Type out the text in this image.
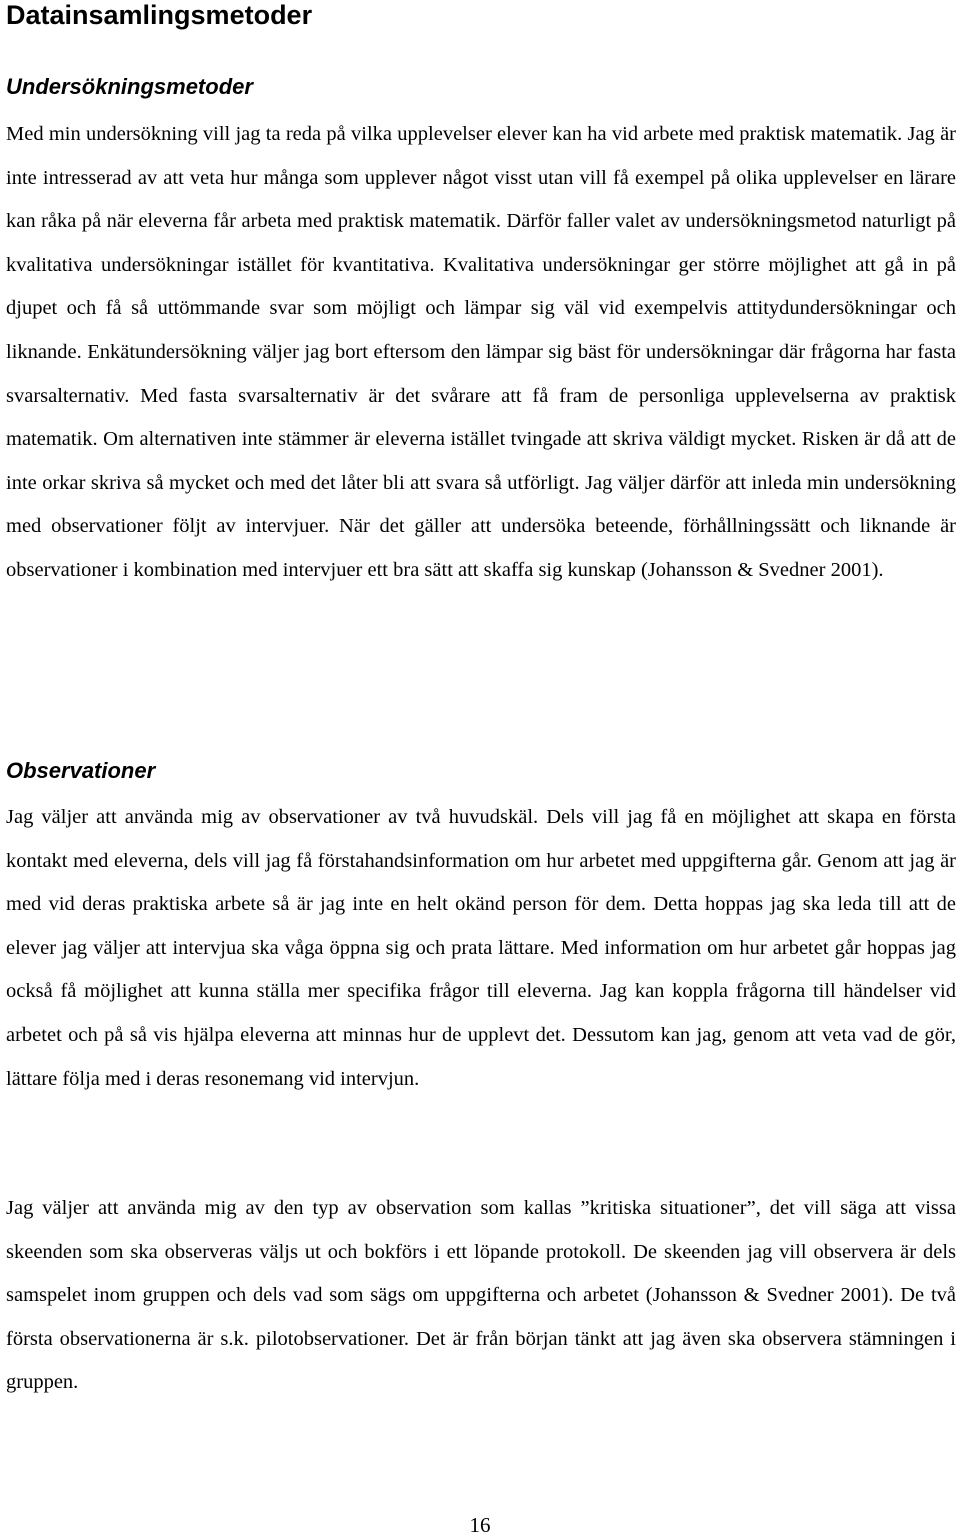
Datainsamlingsmetoder
Undersökningsmetoder

Med min undersökning vill jag ta reda på vilka upplevelser elever kan ha vid arbete med praktisk matematik. Jag är inte intresserad av att veta hur många som upplever något visst utan vill få exempel på olika upplevelser en lärare kan råka på när eleverna får arbeta med praktisk matematik. Därför faller valet av undersökningsmetod naturligt på kvalitativa undersökningar istället för kvantitativa. Kvalitativa undersökningar ger större möjlighet att gå in på djupet och få så uttömmande svar som möjligt och lämpar sig väl vid exempelvis attitydundersökningar och liknande. Enkätundersökning väljer jag bort eftersom den lämpar sig bäst för undersökningar där frågorna har fasta svarsalternativ. Med fasta svarsalternativ är det svårare att få fram de personliga upplevelserna av praktisk matematik. Om alternativen inte stämmer är eleverna istället tvingade att skriva väldigt mycket. Risken är då att de inte orkar skriva så mycket och med det låter bli att svara så utförligt. Jag väljer därför att inleda min undersökning med observationer följt av intervjuer. När det gäller att undersöka beteende, förhållningssätt och liknande är observationer i kombination med intervjuer ett bra sätt att skaffa sig kunskap (Johansson & Svedner 2001).

Observationer

Jag väljer att använda mig av observationer av två huvudskäl. Dels vill jag få en möjlighet att skapa en första kontakt med eleverna, dels vill jag få förstahandsinformation om hur arbetet med uppgifterna går. Genom att jag är med vid deras praktiska arbete så är jag inte en helt okänd person för dem. Detta hoppas jag ska leda till att de elever jag väljer att intervjua ska våga öppna sig och prata lättare. Med information om hur arbetet går hoppas jag också få möjlighet att kunna ställa mer specifika frågor till eleverna. Jag kan koppla frågorna till händelser vid arbetet och på så vis hjälpa eleverna att minnas hur de upplevt det. Dessutom kan jag, genom att veta vad de gör, lättare följa med i deras resonemang vid intervjun.

Jag väljer att använda mig av den typ av observation som kallas ”kritiska situationer”, det vill säga att vissa skeenden som ska observeras väljs ut och bokförs i ett löpande protokoll. De skeenden jag vill observera är dels samspelet inom gruppen och dels vad som sägs om uppgifterna och arbetet (Johansson & Svedner 2001). De två första observationerna är s.k. pilotobservationer. Det är från början tänkt att jag även ska observera stämningen i gruppen.

16
